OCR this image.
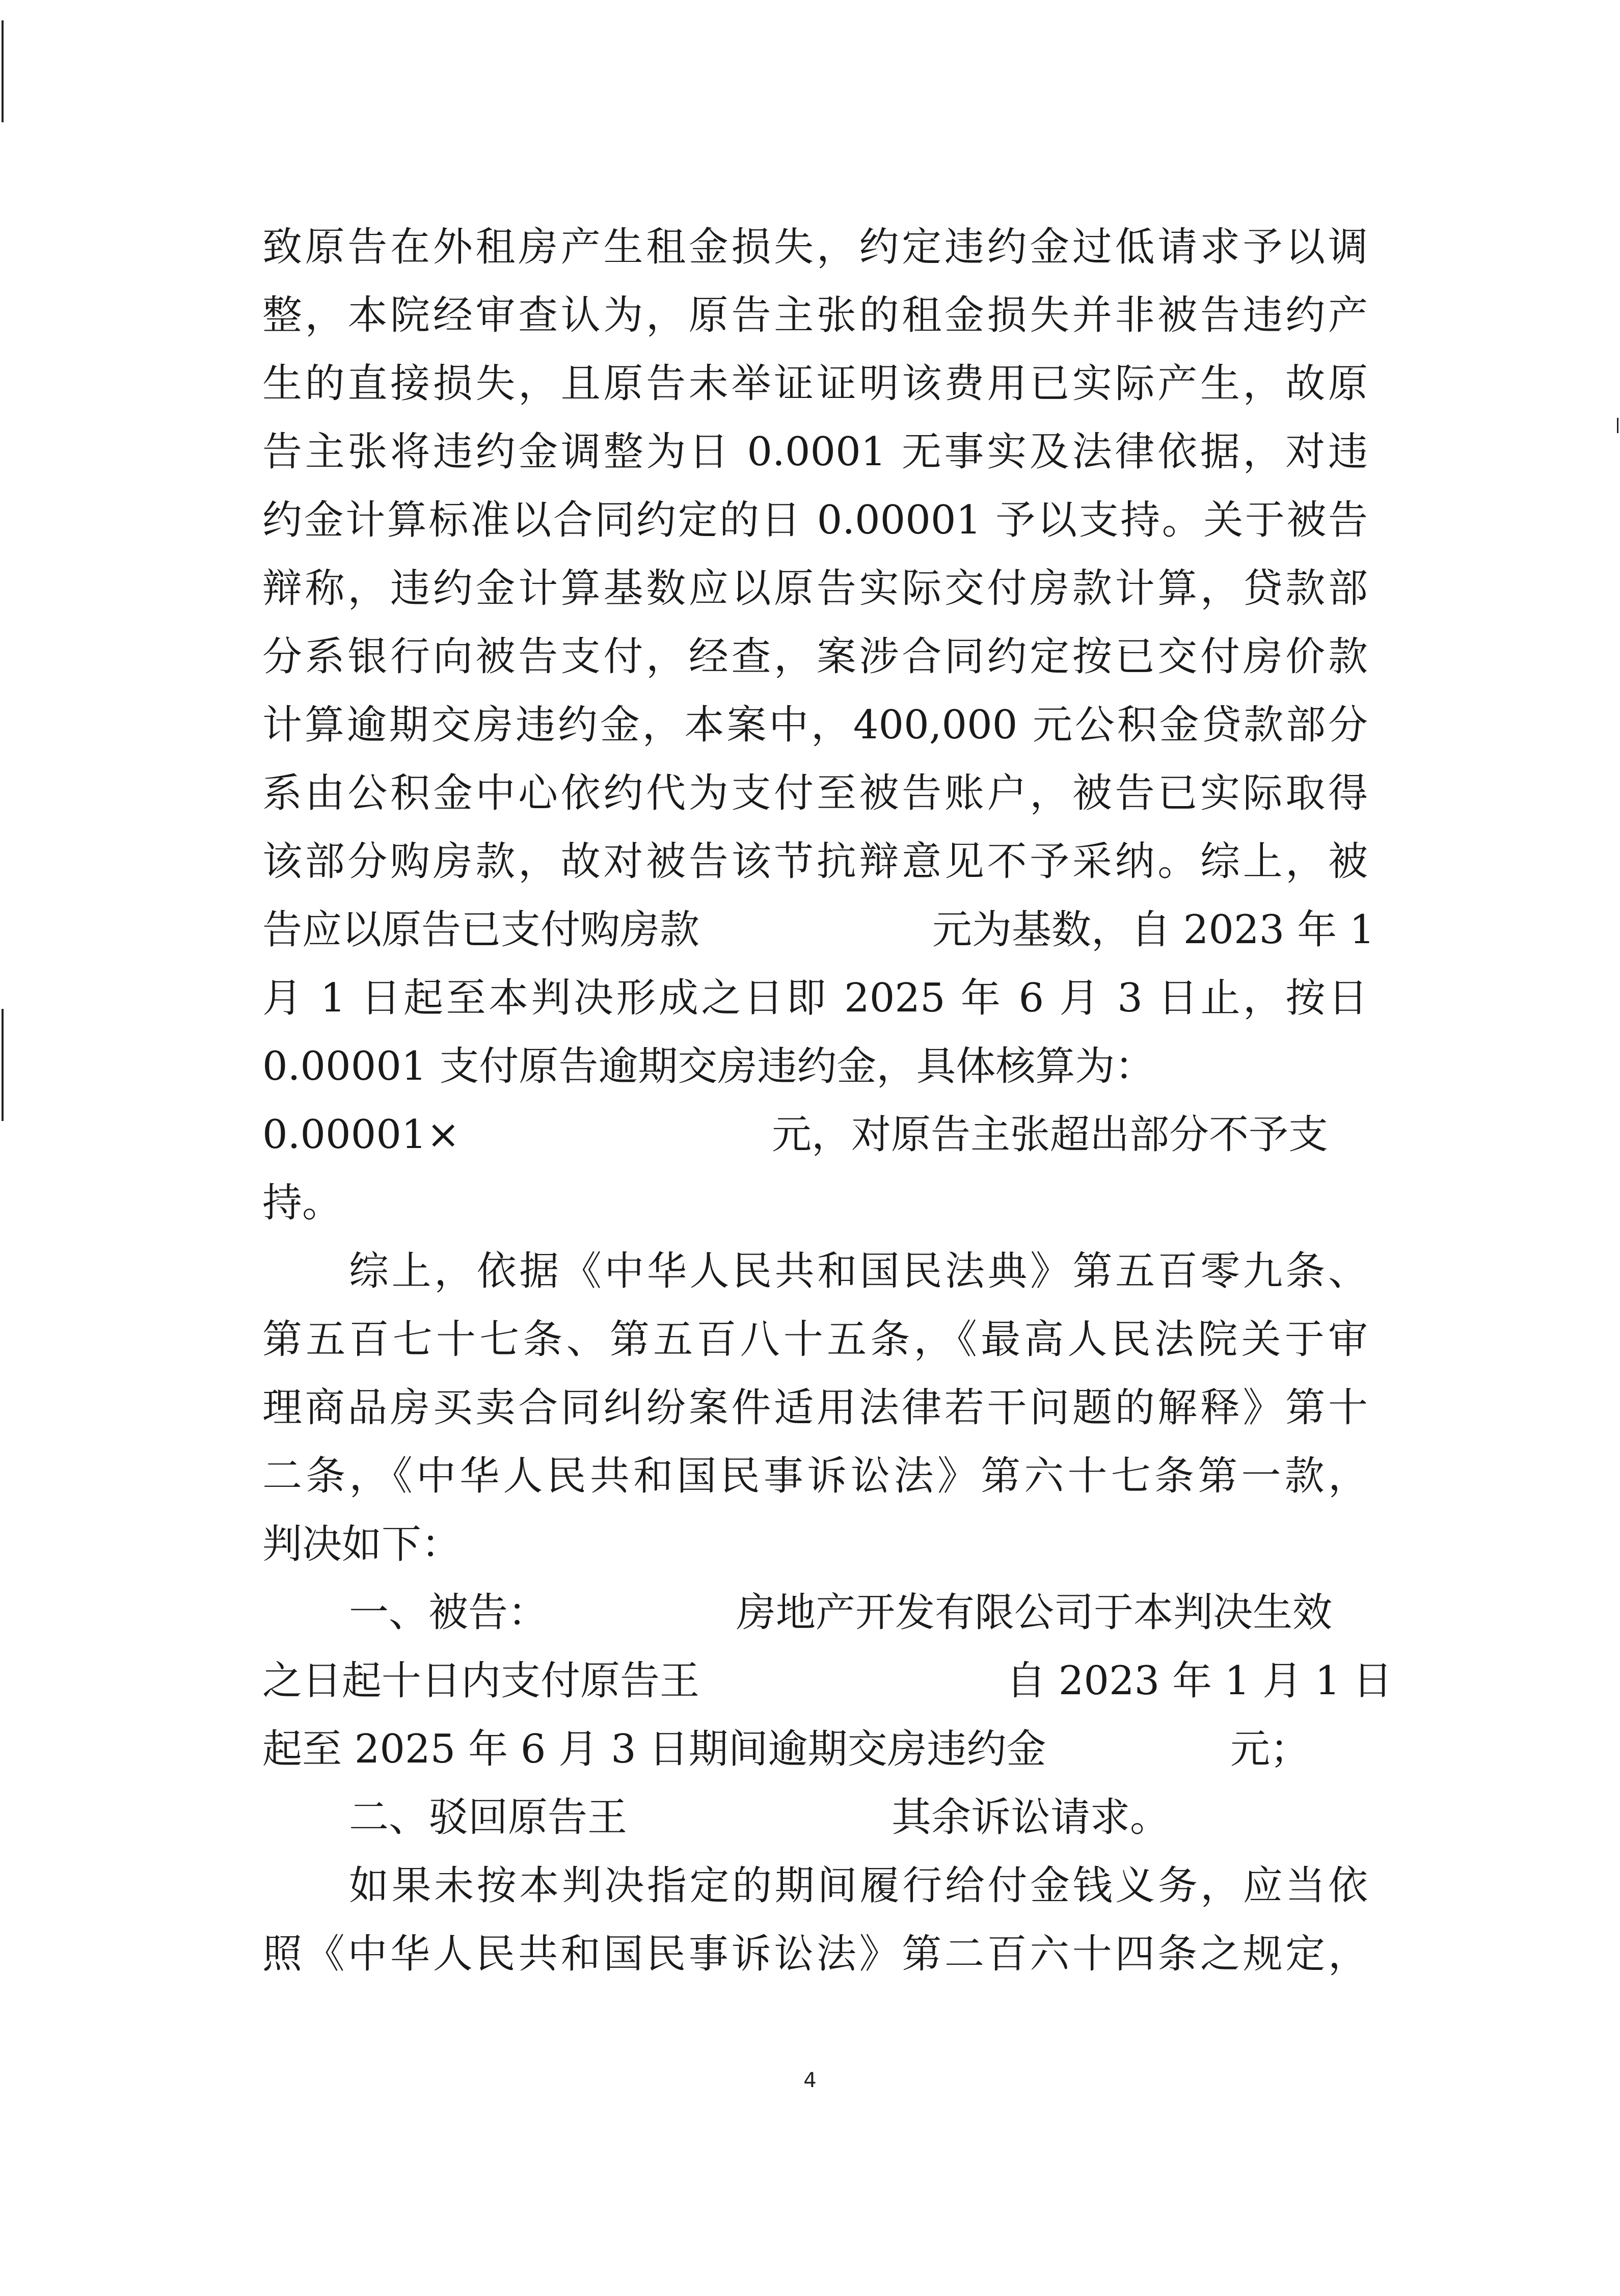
致原告在外租房产生租金损失，约定违约金过低请求予以调
整，本院经审查认为，原告主张的租金损失并非被告违约产
生的直接损失，且原告未举证证明该费用已实际产生，故原
告主张将违约金调整为日 0.0001 无事实及法律依据，对违
约金计算标准以合同约定的日 0.00001 予以支持。关于被告
辩称，违约金计算基数应以原告实际交付房款计算，贷款部
分系银行向被告支付，经查，案涉合同约定按已交付房价款
计算逾期交房违约金，本案中，400,000 元公积金贷款部分
系由公积金中心依约代为支付至被告账户，被告已实际取得
该部分购房款，故对被告该节抗辩意见不予采纳。综上，被
告应以原告已支付购房款	元为基数，自 2023 年 1
月 1 日起至本判决形成之日即 2025 年 6 月 3 日止，按日
0.00001 支付原告逾期交房违约金，具体核算为：
0.00001×	元，对原告主张超出部分不予支
持。
综上，依据《中华人民共和国民法典》第五百零九条、
第五百七十七条、第五百八十五条，《最高人民法院关于审
理商品房买卖合同纠纷案件适用法律若干问题的解释》第十
二条，《中华人民共和国民事诉讼法》第六十七条第一款，
判决如下：
一、被告：	房地产开发有限公司于本判决生效
之日起十日内支付原告王	自 2023 年 1 月 1 日
起至 2025 年 6 月 3 日期间逾期交房违约金	元；
二、驳回原告王	其余诉讼请求。
如果未按本判决指定的期间履行给付金钱义务，应当依
照《中华人民共和国民事诉讼法》第二百六十四条之规定，
4
